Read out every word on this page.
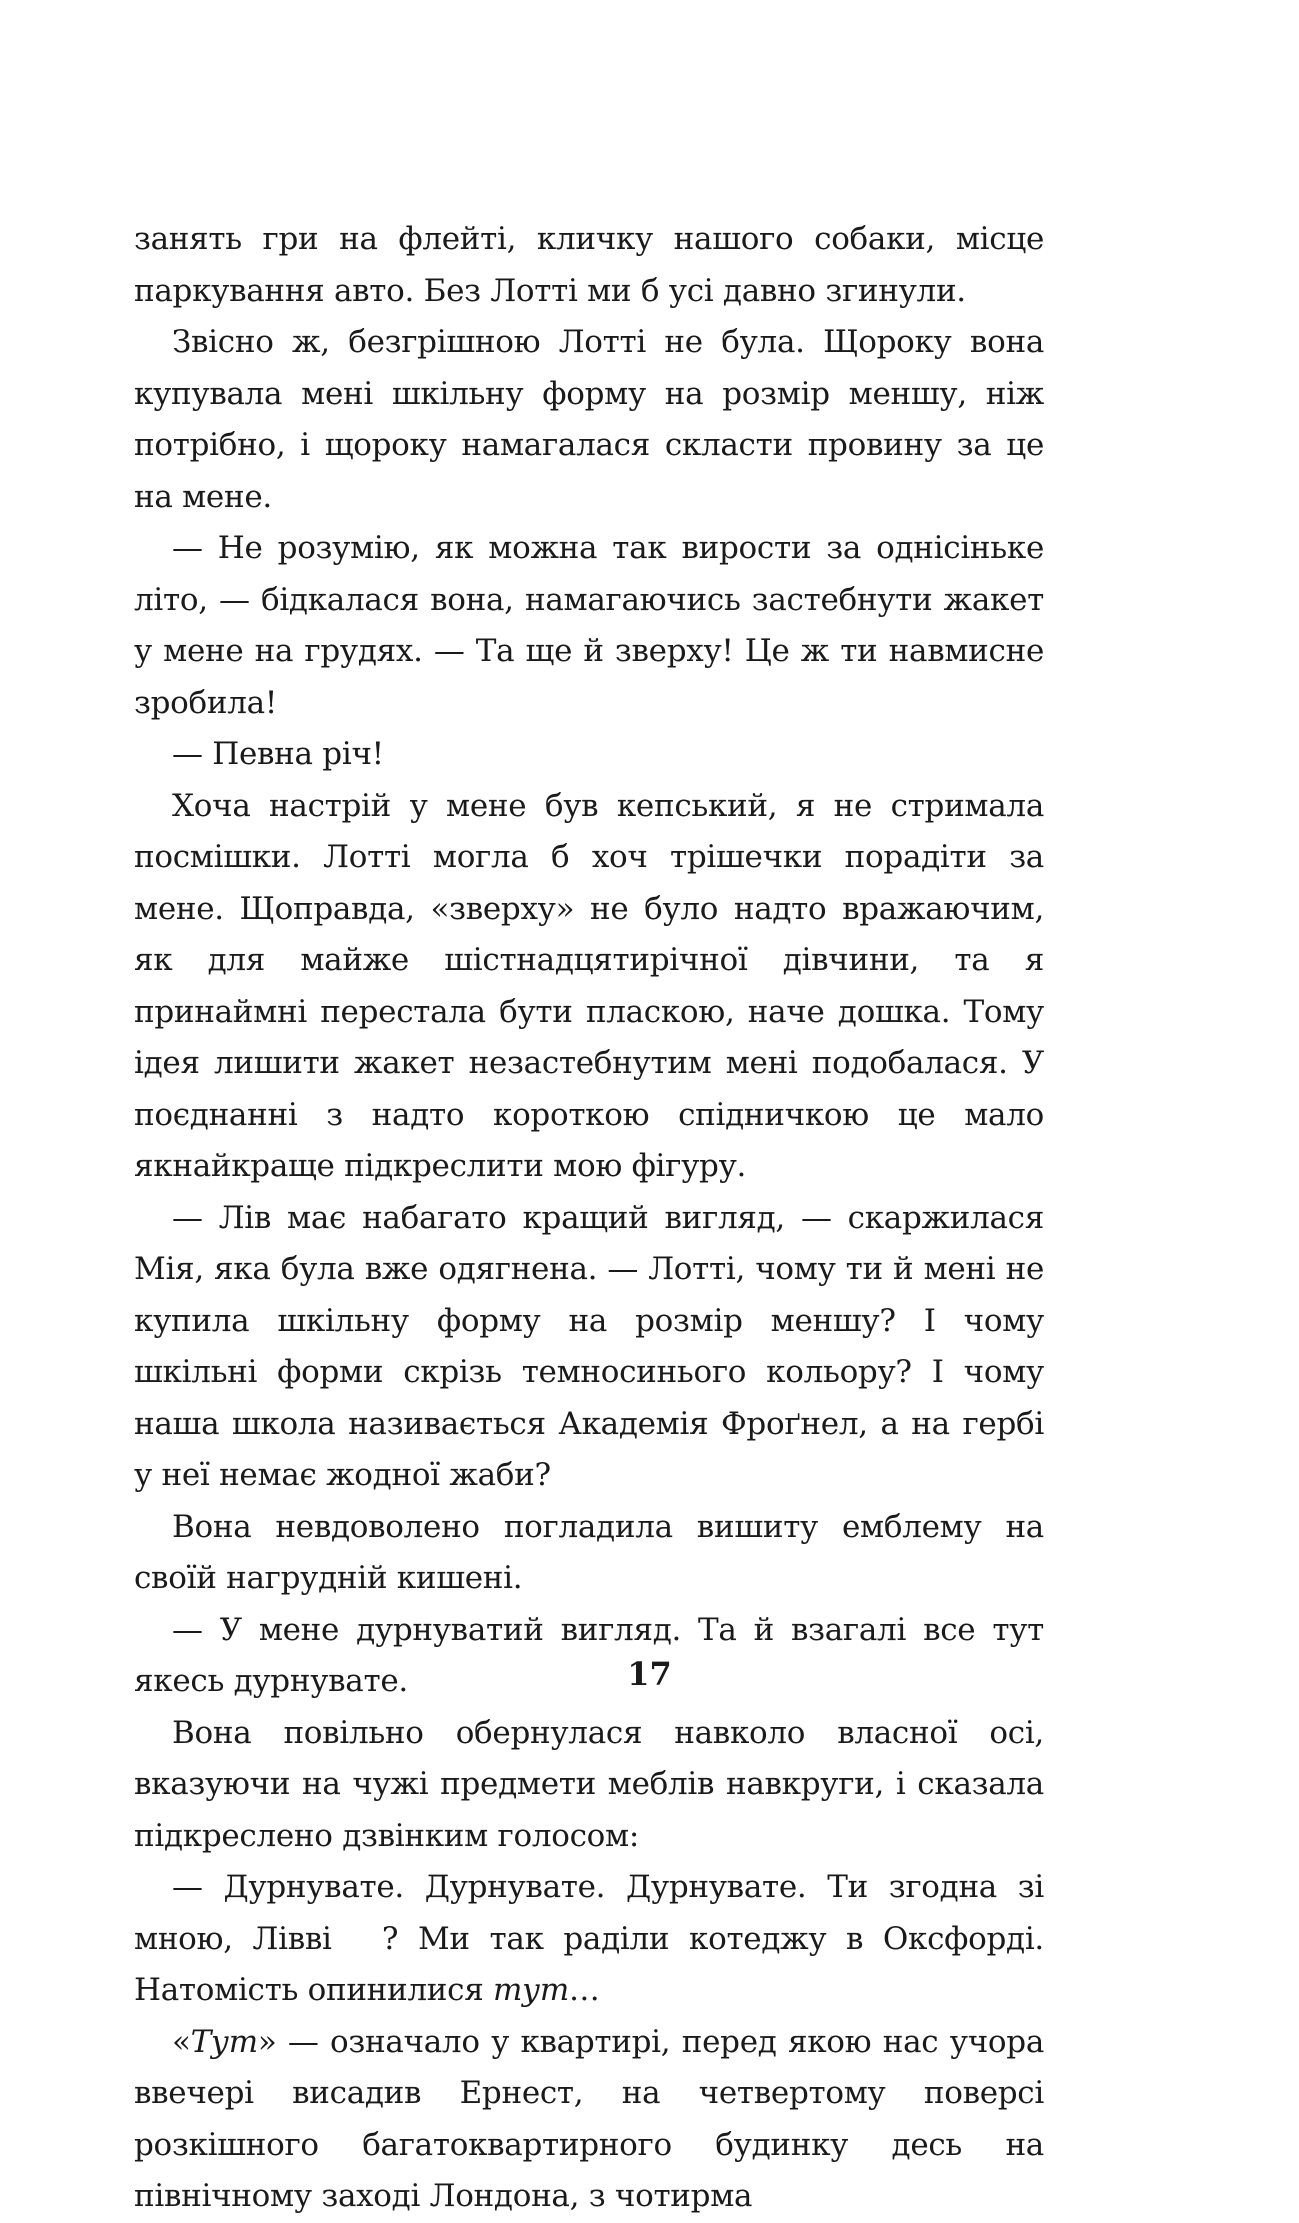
занять гри на флейті, кличку нашого собаки, місце паркування авто. Без Лотті ми б усі давно згинули.

Звісно ж, безгрішною Лотті не була. Щороку вона купувала мені шкільну форму на розмір меншу, ніж потрібно, і щороку намагалася скласти провину за це на мене.

— Не розумію, як можна так вирости за однісіньке літо, — бідкалася вона, намагаючись застебнути жакет у мене на грудях. — Та ще й зверху! Це ж ти навмисне зробила!

— Певна річ!

Хоча настрій у мене був кепський, я не стримала посмішки. Лотті могла б хоч трішечки порадіти за мене. Щоправда, «зверху» не було надто вражаючим, як для майже шістнадцятирічної дівчини, та я принаймні перестала бути пласкою, наче дошка. Тому ідея лишити жакет незастебнутим мені подобалася. У поєднанні з надто короткою спідничкою це мало якнайкраще підкреслити мою фігуру.

— Лів має набагато кращий вигляд, — скаржилася Мія, яка була вже одягнена. — Лотті, чому ти й мені не купила шкільну форму на розмір меншу? І чому шкільні форми скрізь темносинього кольору? І чому наша школа називається Академія Фроґнел, а на гербі у неї немає жодної жаби?

Вона невдоволено погладила вишиту емблему на своїй нагрудній кишені.

— У мене дурнуватий вигляд. Та й взагалі все тут якесь дурнувате.

Вона повільно обернулася навколо власної осі, вказуючи на чужі предмети меблів навкруги, і сказала підкреслено дзвінким голосом:

— Дурнувате. Дурнувате. Дурнувате. Ти згодна зі мною, Ліввіﾠ? Ми так раділи котеджу в Оксфорді. Натомість опинилися тут…

«Тут» — означало у квартирі, перед якою нас учора ввечері висадив Ернест, на четвертому поверсі розкішного багатоквартирного будинку десь на північному заході Лондона, з чотирма

17
